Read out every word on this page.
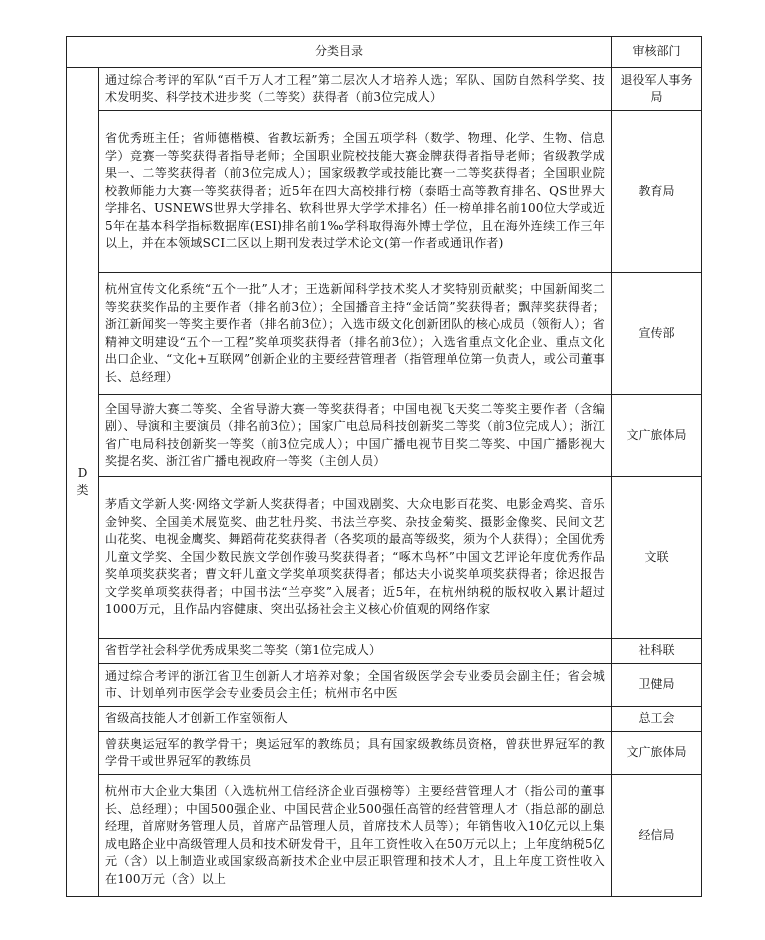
分类目录		审核部门

D
类	通过综合考评的军队“百千万人才工程”第二层次人才培养人选；军队、国防自然科学奖、技术发明奖、科学技术进步奖（二等奖）获得者（前3位完成人）	退役军人事务局
	省优秀班主任；省师德楷模、省教坛新秀；全国五项学科（数学、物理、化学、生物、信息学）竞赛一等奖获得者指导老师；全国职业院校技能大赛金牌获得者指导老师；省级教学成果一、二等奖获得者（前3位完成人）；国家级教学或技能比赛一二等奖获得者；全国职业院校教师能力大赛一等奖获得者；近5年在四大高校排行榜（泰晤士高等教育排名、QS世界大学排名、USNEWS世界大学排名、软科世界大学学术排名）任一榜单排名前100位大学或近5年在基本科学指标数据库(ESI)排名前1‰学科取得海外博士学位，且在海外连续工作三年以上，并在本领域SCI二区以上期刊发表过学术论文(第一作者或通讯作者)	教育局
	杭州宣传文化系统“五个一批”人才；王选新闻科学技术奖人才奖特别贡献奖；中国新闻奖二等奖获奖作品的主要作者（排名前3位）；全国播音主持“金话筒”奖获得者；飘萍奖获得者；浙江新闻奖一等奖主要作者（排名前3位）；入选市级文化创新团队的核心成员（领衔人）；省精神文明建设“五个一工程”奖单项奖获得者（排名前3位）；入选省重点文化企业、重点文化出口企业、“文化+互联网”创新企业的主要经营管理者（指管理单位第一负责人，或公司董事长、总经理）	宣传部
	全国导游大赛二等奖、全省导游大赛一等奖获得者；中国电视飞天奖二等奖主要作者（含编剧）、导演和主要演员（排名前3位）；国家广电总局科技创新奖二等奖（前3位完成人）；浙江省广电局科技创新奖一等奖（前3位完成人）；中国广播电视节目奖二等奖、中国广播影视大奖提名奖、浙江省广播电视政府一等奖（主创人员）	文广旅体局
	茅盾文学新人奖·网络文学新人奖获得者；中国戏剧奖、大众电影百花奖、电影金鸡奖、音乐金钟奖、全国美术展览奖、曲艺牡丹奖、书法兰亭奖、杂技金菊奖、摄影金像奖、民间文艺山花奖、电视金鹰奖、舞蹈荷花奖获得者（各奖项的最高等级奖，须为个人获得）；全国优秀儿童文学奖、全国少数民族文学创作骏马奖获得者；“啄木鸟杯”中国文艺评论年度优秀作品奖单项奖获奖者；曹文轩儿童文学奖单项奖获得者；郁达夫小说奖单项奖获得者；徐迟报告文学奖单项奖获得者；中国书法“兰亭奖”入展者；近5年，在杭州纳税的版权收入累计超过1000万元，且作品内容健康、突出弘扬社会主义核心价值观的网络作家	文联
	省哲学社会科学优秀成果奖二等奖（第1位完成人）	社科联
	通过综合考评的浙江省卫生创新人才培养对象；全国省级医学会专业委员会副主任；省会城市、计划单列市医学会专业委员会主任；杭州市名中医	卫健局
	省级高技能人才创新工作室领衔人	总工会
	曾获奥运冠军的教学骨干；奥运冠军的教练员；具有国家级教练员资格，曾获世界冠军的教学骨干或世界冠军的教练员	文广旅体局
	杭州市大企业大集团（入选杭州工信经济企业百强榜等）主要经营管理人才（指公司的董事长、总经理）；中国500强企业、中国民营企业500强任高管的经营管理人才（指总部的副总经理，首席财务管理人员，首席产品管理人员，首席技术人员等）；年销售收入10亿元以上集成电路企业中高级管理人员和技术研发骨干，且年工资性收入在50万元以上；上年度纳税5亿元（含）以上制造业或国家级高新技术企业中层正职管理和技术人才，且上年度工资性收入在100万元（含）以上	经信局
